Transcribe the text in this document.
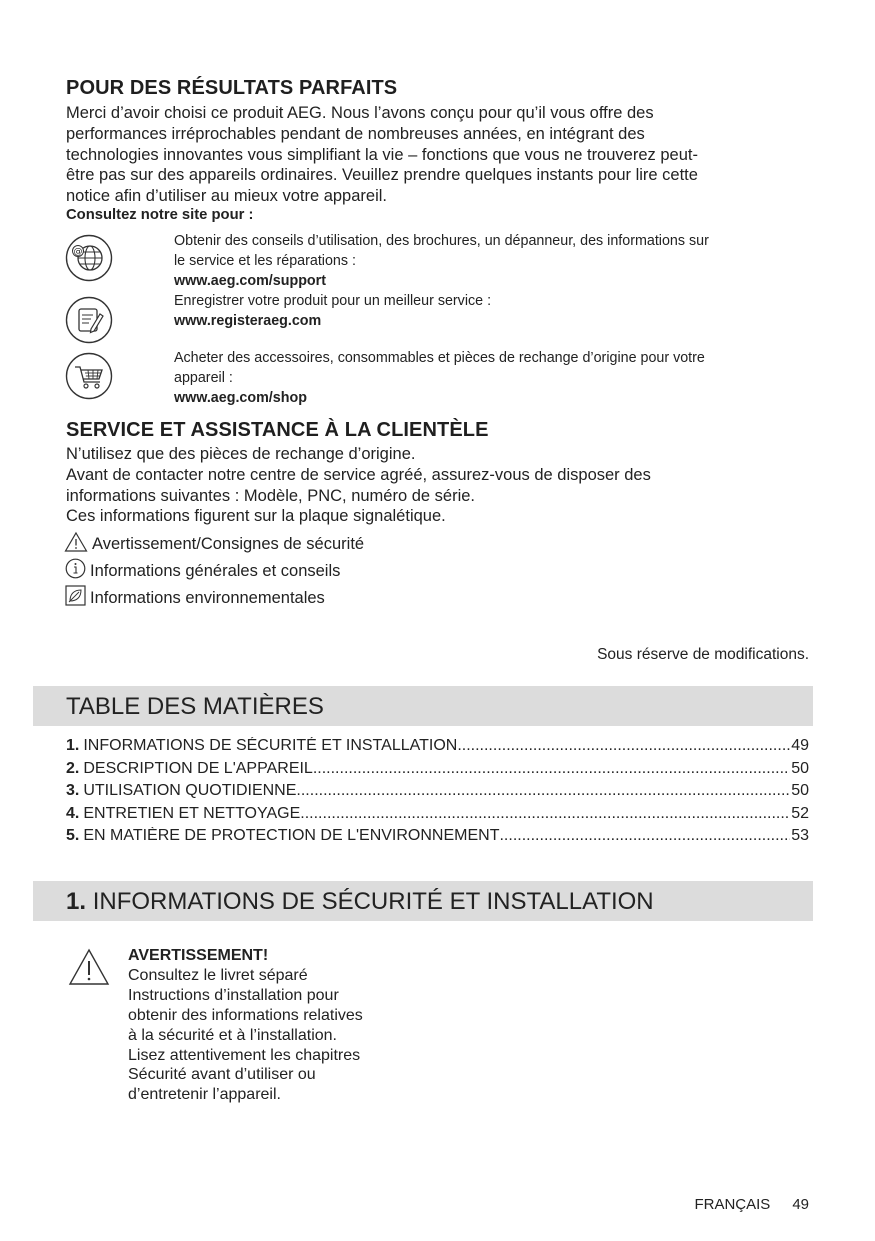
POUR DES RÉSULTATS PARFAITS
Merci d’avoir choisi ce produit AEG. Nous l’avons conçu pour qu’il vous offre des
performances irréprochables pendant de nombreuses années, en intégrant des
technologies innovantes vous simplifiant la vie – fonctions que vous ne trouverez peut-
être pas sur des appareils ordinaires. Veuillez prendre quelques instants pour lire cette
notice afin d’utiliser au mieux votre appareil.
Consultez notre site pour :
@
Obtenir des conseils d’utilisation, des brochures, un dépanneur, des informations sur
le service et les réparations :
www.aeg.com/support
Enregistrer votre produit pour un meilleur service :
www.registeraeg.com
Acheter des accessoires, consommables et pièces de rechange d’origine pour votre
appareil :
www.aeg.com/shop
SERVICE ET ASSISTANCE À LA CLIENTÈLE
N’utilisez que des pièces de rechange d’origine.
Avant de contacter notre centre de service agréé, assurez-vous de disposer des
informations suivantes : Modèle, PNC, numéro de série.
Ces informations figurent sur la plaque signalétique.
Avertissement/Consignes de sécurité
Informations générales et conseils
Informations environnementales
Sous réserve de modifications.
TABLE DES MATIÈRES
1. INFORMATIONS DE SÉCURITÉ ET INSTALLATION .....	49
2. DESCRIPTION DE L'APPAREIL .....	50
3. UTILISATION QUOTIDIENNE .....	50
4. ENTRETIEN ET NETTOYAGE .....	52
5. EN MATIÈRE DE PROTECTION DE L'ENVIRONNEMENT .....	53
1. INFORMATIONS DE SÉCURITÉ ET INSTALLATION
AVERTISSEMENT!
Consultez le livret séparé
Instructions d’installation pour
obtenir des informations relatives
à la sécurité et à l’installation.
Lisez attentivement les chapitres
Sécurité avant d’utiliser ou
d’entretenir l’appareil.
FRANÇAIS 49
